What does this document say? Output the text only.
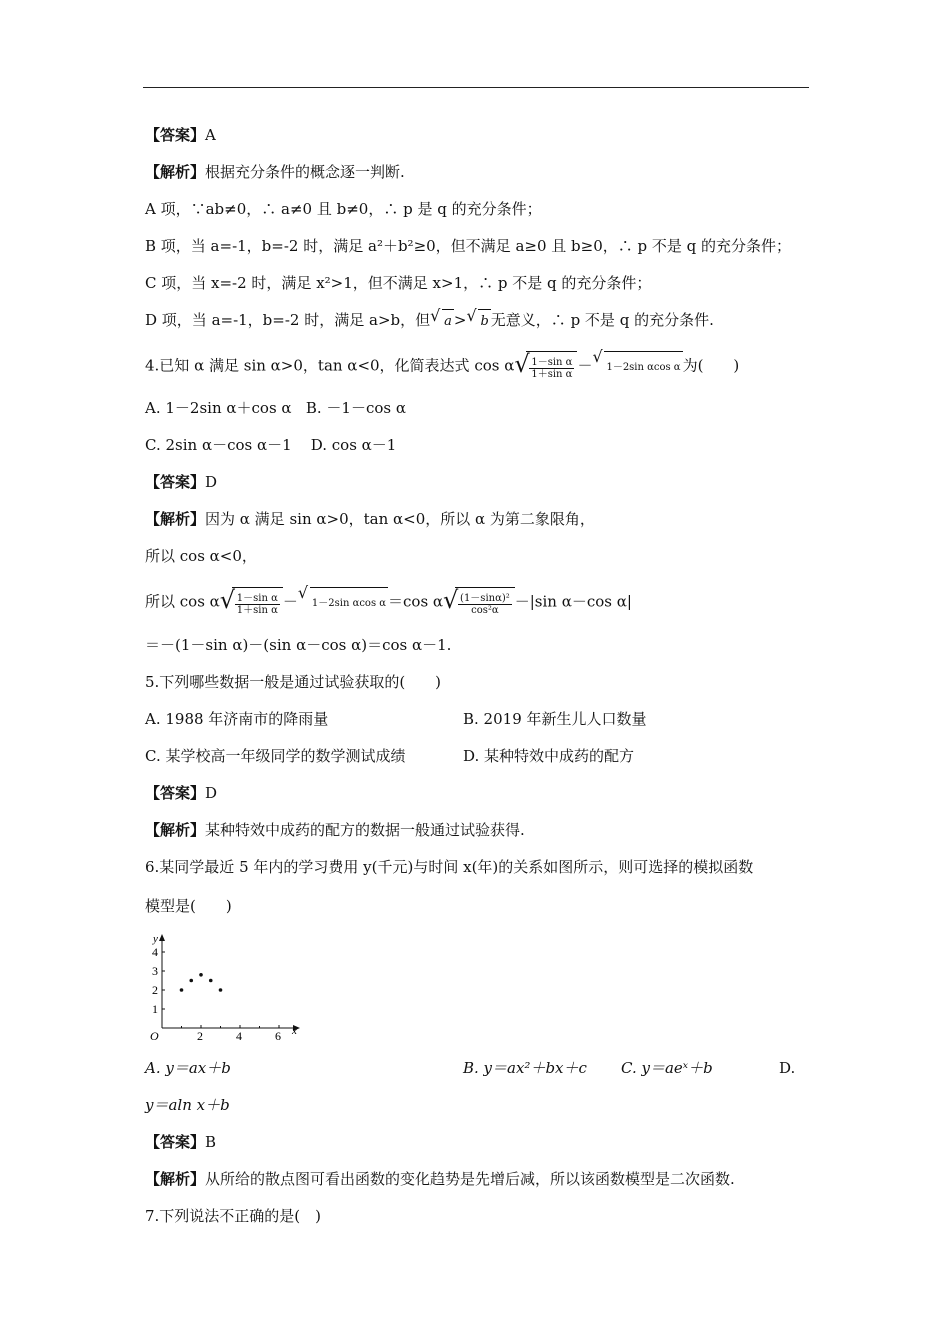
【答案】A
【解析】根据充分条件的概念逐一判断.
A 项，∵ab≠0，∴ a≠0 且 b≠0，∴ p 是 q 的充分条件；
B 项，当 a=-1，b=-2 时，满足 a²＋b²≥0，但不满足 a≥0 且 b≥0，∴ p 不是 q 的充分条件；
C 项，当 x=-2 时，满足 x²>1，但不满足 x>1，∴ p 不是 q 的充分条件；
D 项，当 a=-1，b=-2 时，满足 a>b，但 √ a > √ b 无意义，∴ p 不是 q 的充分条件.
4.已知 α 满足 sin α>0，tan α<0，化简表达式 cos α √ $\frac{\text{1－sin α}}{\text{1＋sin α}}$ － √
1－2sin αcos α 为(　　)
A. 1－2sin α＋cos α B. －1－cos α
C. 2sin α－cos α－1 D. cos α－1
【答案】D
【解析】因为 α 满足 sin α>0，tan α<0，所以 α 为第二象限角，
所以 cos α<0，
所以 cos α √ $\frac{\text{1－sin α}}{\text{1＋sin α}}$ － √
1－2sin αcos α ＝cos α √ $\frac{\text{(1－sinα)²}}{\text{cos²α}} -|\sin$ α－cos α|
＝－(1－sin α)－(sin α－cos α)＝cos α－1.
5.下列哪些数据一般是通过试验获取的(　　)
A. 1988 年济南市的降雨量	B. 2019 年新生儿人口数量
C. 某学校高一年级同学的数学测试成绩	D. 某种特效中成药的配方
【答案】D
【解析】某种特效中成药的配方的数据一般通过试验获得.
6.某同学最近 5 年内的学习费用 y(千元)与时间 x(年)的关系如图所示，则可选择的模拟函数
模型是(　　)
y
x
O	2	4	6
1
2
3
4
A. y＝ax＋b	B. y＝ax²＋bx＋c C. y＝aeˣ＋b	D.
y＝aln x＋b
【答案】B
【解析】从所给的散点图可看出函数的变化趋势是先增后减，所以该函数模型是二次函数.
7.下列说法不正确的是(　)
